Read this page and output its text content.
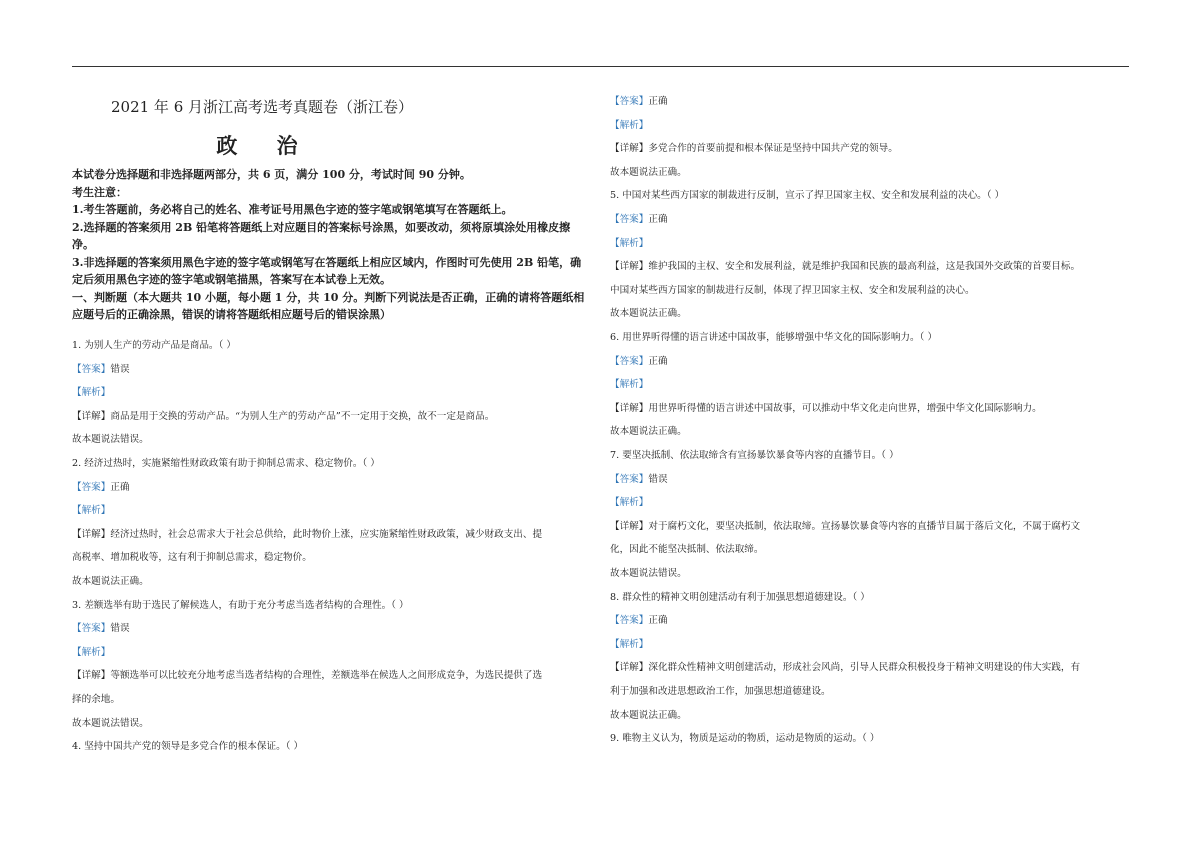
2021 年 6 月浙江高考选考真题卷（浙江卷）
政 治

本试卷分选择题和非选择题两部分，共 6 页，满分 100 分，考试时间 90 分钟。

考生注意：

1.考生答题前，务必将自己的姓名、准考证号用黑色字迹的签字笔或钢笔填写在答题纸上。

2.选择题的答案须用 2B 铅笔将答题纸上对应题目的答案标号涂黑，如要改动，须将原填涂处用橡皮擦净。

3.非选择题的答案须用黑色字迹的签字笔或钢笔写在答题纸上相应区域内，作图时可先使用 2B 铅笔，确定后须用黑色字迹的签字笔或钢笔描黑，答案写在本试卷上无效。

一、判断题（本大题共 10 小题，每小题 1 分，共 10 分。判断下列说法是否正确，正确的请将答题纸相应题号后的正确涂黑，错误的请将答题纸相应题号后的错误涂黑）

1. 为别人生产的劳动产品是商品。（ ）
【答案】错误
【解析】
【详解】商品是用于交换的劳动产品。“为别人生产的劳动产品”不一定用于交换，故不一定是商品。
故本题说法错误。
2. 经济过热时，实施紧缩性财政政策有助于抑制总需求、稳定物价。（ ）
【答案】正确
【解析】
【详解】经济过热时，社会总需求大于社会总供给，此时物价上涨，应实施紧缩性财政政策，减少财政支出、提
高税率、增加税收等，这有利于抑制总需求，稳定物价。
故本题说法正确。
3. 差额选举有助于选民了解候选人，有助于充分考虑当选者结构的合理性。（ ）
【答案】错误
【解析】
【详解】等额选举可以比较充分地考虑当选者结构的合理性，差额选举在候选人之间形成竞争，为选民提供了选
择的余地。
故本题说法错误。
4. 坚持中国共产党的领导是多党合作的根本保证。（ ）
【答案】正确
【解析】
【详解】多党合作的首要前提和根本保证是坚持中国共产党的领导。
故本题说法正确。
5. 中国对某些西方国家的制裁进行反制，宣示了捍卫国家主权、安全和发展利益的决心。（ ）
【答案】正确
【解析】
【详解】维护我国的主权、安全和发展利益，就是维护我国和民族的最高利益，这是我国外交政策的首要目标。
中国对某些西方国家的制裁进行反制，体现了捍卫国家主权、安全和发展利益的决心。
故本题说法正确。
6. 用世界听得懂的语言讲述中国故事，能够增强中华文化的国际影响力。（ ）
【答案】正确
【解析】
【详解】用世界听得懂的语言讲述中国故事，可以推动中华文化走向世界，增强中华文化国际影响力。
故本题说法正确。
7. 要坚决抵制、依法取缔含有宣扬暴饮暴食等内容的直播节目。（ ）
【答案】错误
【解析】
【详解】对于腐朽文化，要坚决抵制，依法取缔。宣扬暴饮暴食等内容的直播节目属于落后文化，不属于腐朽文
化，因此不能坚决抵制、依法取缔。
故本题说法错误。
8. 群众性的精神文明创建活动有利于加强思想道德建设。（ ）
【答案】正确
【解析】
【详解】深化群众性精神文明创建活动，形成社会风尚，引导人民群众积极投身于精神文明建设的伟大实践，有
利于加强和改进思想政治工作，加强思想道德建设。
故本题说法正确。
9. 唯物主义认为，物质是运动的物质，运动是物质的运动。（ ）
